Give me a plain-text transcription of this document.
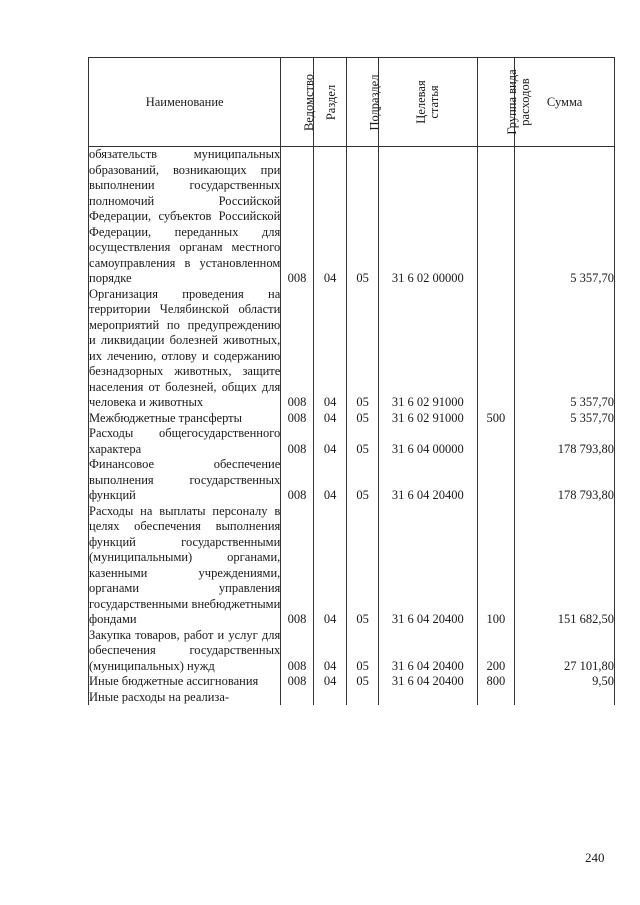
Наименование	Ведомство	Раздел	Подраздел	Целевая статья	Группа вида расходов	Сумма
обязательств муниципальных образований, возникающих при выполнении государственных полномочий Российской Федерации, субъектов Российской Федерации, переданных для осуществления органам местного самоуправления в установленном порядке	008	04	05	31 6 02 00000		5 357,70
Организация проведения на территории Челябинской области мероприятий по предупреждению и ликвидации болезней животных, их лечению, отлову и содержанию безнадзорных животных, защите населения от болезней, общих для человека и животных	008	04	05	31 6 02 91000		5 357,70
Межбюджетные трансферты	008	04	05	31 6 02 91000	500	5 357,70
Расходы общегосударственного характера	008	04	05	31 6 04 00000		178 793,80
Финансовое обеспечение выполнения государственных функций	008	04	05	31 6 04 20400		178 793,80
Расходы на выплаты персоналу в целях обеспечения выполнения функций государственными (муниципальными) органами, казенными учреждениями, органами управления государственными внебюджетными фондами	008	04	05	31 6 04 20400	100	151 682,50
Закупка товаров, работ и услуг для обеспечения государственных (муниципальных) нужд	008	04	05	31 6 04 20400	200	27 101,80
Иные бюджетные ассигнования	008	04	05	31 6 04 20400	800	9,50
Иные расходы на реализа-						
240
